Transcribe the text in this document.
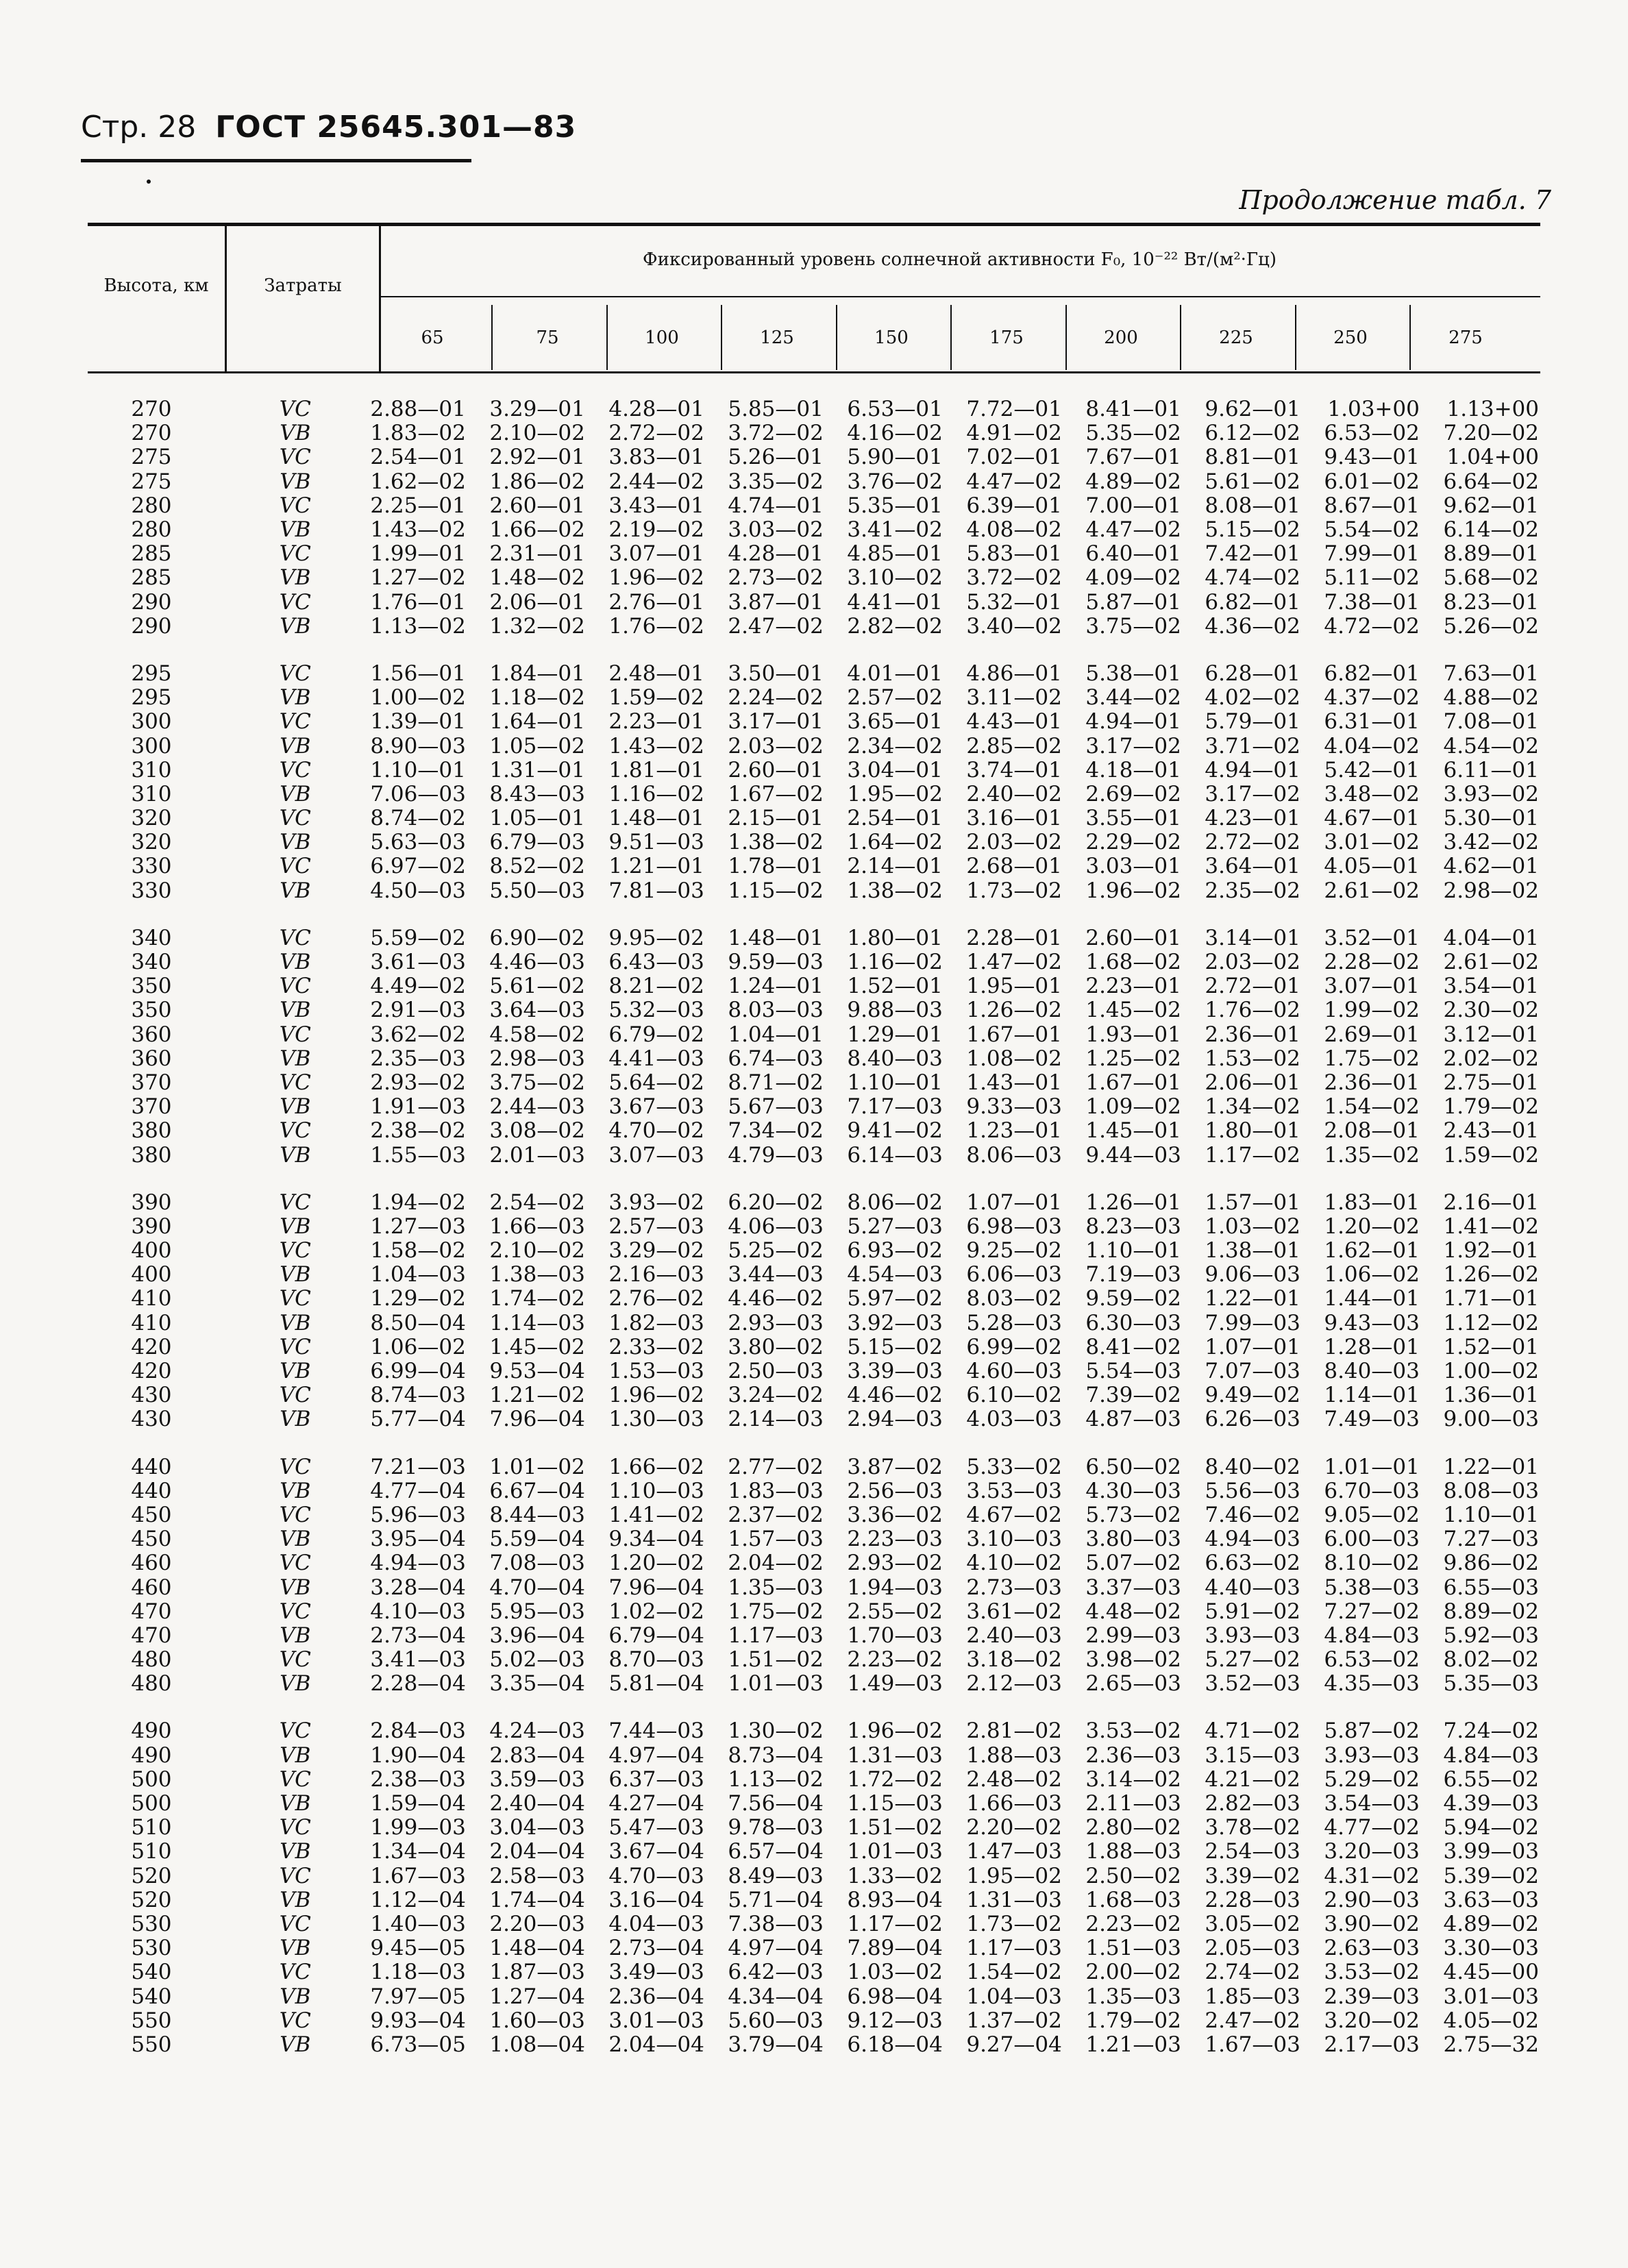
Стр. 28 ГОСТ 25645.301—83
Продолжение табл. 7
Высота, км	Затраты
Фиксированный уровень солнечной активности F₀, 10⁻²² Вт/(м²·Гц)
65	75	100	125	150	175	200	225	250	275
270	VC	2.88—01	3.29—01	4.28—01	5.85—01	6.53—01	7.72—01	8.41—01	9.62—01	1.03+00	1.13+00
270	VB	1.83—02	2.10—02	2.72—02	3.72—02	4.16—02	4.91—02	5.35—02	6.12—02	6.53—02	7.20—02
275	VC	2.54—01	2.92—01	3.83—01	5.26—01	5.90—01	7.02—01	7.67—01	8.81—01	9.43—01	1.04+00
275	VB	1.62—02	1.86—02	2.44—02	3.35—02	3.76—02	4.47—02	4.89—02	5.61—02	6.01—02	6.64—02
280	VC	2.25—01	2.60—01	3.43—01	4.74—01	5.35—01	6.39—01	7.00—01	8.08—01	8.67—01	9.62—01
280	VB	1.43—02	1.66—02	2.19—02	3.03—02	3.41—02	4.08—02	4.47—02	5.15—02	5.54—02	6.14—02
285	VC	1.99—01	2.31—01	3.07—01	4.28—01	4.85—01	5.83—01	6.40—01	7.42—01	7.99—01	8.89—01
285	VB	1.27—02	1.48—02	1.96—02	2.73—02	3.10—02	3.72—02	4.09—02	4.74—02	5.11—02	5.68—02
290	VC	1.76—01	2.06—01	2.76—01	3.87—01	4.41—01	5.32—01	5.87—01	6.82—01	7.38—01	8.23—01
290	VB	1.13—02	1.32—02	1.76—02	2.47—02	2.82—02	3.40—02	3.75—02	4.36—02	4.72—02	5.26—02

295	VC	1.56—01	1.84—01	2.48—01	3.50—01	4.01—01	4.86—01	5.38—01	6.28—01	6.82—01	7.63—01
295	VB	1.00—02	1.18—02	1.59—02	2.24—02	2.57—02	3.11—02	3.44—02	4.02—02	4.37—02	4.88—02
300	VC	1.39—01	1.64—01	2.23—01	3.17—01	3.65—01	4.43—01	4.94—01	5.79—01	6.31—01	7.08—01
300	VB	8.90—03	1.05—02	1.43—02	2.03—02	2.34—02	2.85—02	3.17—02	3.71—02	4.04—02	4.54—02
310	VC	1.10—01	1.31—01	1.81—01	2.60—01	3.04—01	3.74—01	4.18—01	4.94—01	5.42—01	6.11—01
310	VB	7.06—03	8.43—03	1.16—02	1.67—02	1.95—02	2.40—02	2.69—02	3.17—02	3.48—02	3.93—02
320	VC	8.74—02	1.05—01	1.48—01	2.15—01	2.54—01	3.16—01	3.55—01	4.23—01	4.67—01	5.30—01
320	VB	5.63—03	6.79—03	9.51—03	1.38—02	1.64—02	2.03—02	2.29—02	2.72—02	3.01—02	3.42—02
330	VC	6.97—02	8.52—02	1.21—01	1.78—01	2.14—01	2.68—01	3.03—01	3.64—01	4.05—01	4.62—01
330	VB	4.50—03	5.50—03	7.81—03	1.15—02	1.38—02	1.73—02	1.96—02	2.35—02	2.61—02	2.98—02

340	VC	5.59—02	6.90—02	9.95—02	1.48—01	1.80—01	2.28—01	2.60—01	3.14—01	3.52—01	4.04—01
340	VB	3.61—03	4.46—03	6.43—03	9.59—03	1.16—02	1.47—02	1.68—02	2.03—02	2.28—02	2.61—02
350	VC	4.49—02	5.61—02	8.21—02	1.24—01	1.52—01	1.95—01	2.23—01	2.72—01	3.07—01	3.54—01
350	VB	2.91—03	3.64—03	5.32—03	8.03—03	9.88—03	1.26—02	1.45—02	1.76—02	1.99—02	2.30—02
360	VC	3.62—02	4.58—02	6.79—02	1.04—01	1.29—01	1.67—01	1.93—01	2.36—01	2.69—01	3.12—01
360	VB	2.35—03	2.98—03	4.41—03	6.74—03	8.40—03	1.08—02	1.25—02	1.53—02	1.75—02	2.02—02
370	VC	2.93—02	3.75—02	5.64—02	8.71—02	1.10—01	1.43—01	1.67—01	2.06—01	2.36—01	2.75—01
370	VB	1.91—03	2.44—03	3.67—03	5.67—03	7.17—03	9.33—03	1.09—02	1.34—02	1.54—02	1.79—02
380	VC	2.38—02	3.08—02	4.70—02	7.34—02	9.41—02	1.23—01	1.45—01	1.80—01	2.08—01	2.43—01
380	VB	1.55—03	2.01—03	3.07—03	4.79—03	6.14—03	8.06—03	9.44—03	1.17—02	1.35—02	1.59—02

390	VC	1.94—02	2.54—02	3.93—02	6.20—02	8.06—02	1.07—01	1.26—01	1.57—01	1.83—01	2.16—01
390	VB	1.27—03	1.66—03	2.57—03	4.06—03	5.27—03	6.98—03	8.23—03	1.03—02	1.20—02	1.41—02
400	VC	1.58—02	2.10—02	3.29—02	5.25—02	6.93—02	9.25—02	1.10—01	1.38—01	1.62—01	1.92—01
400	VB	1.04—03	1.38—03	2.16—03	3.44—03	4.54—03	6.06—03	7.19—03	9.06—03	1.06—02	1.26—02
410	VC	1.29—02	1.74—02	2.76—02	4.46—02	5.97—02	8.03—02	9.59—02	1.22—01	1.44—01	1.71—01
410	VB	8.50—04	1.14—03	1.82—03	2.93—03	3.92—03	5.28—03	6.30—03	7.99—03	9.43—03	1.12—02
420	VC	1.06—02	1.45—02	2.33—02	3.80—02	5.15—02	6.99—02	8.41—02	1.07—01	1.28—01	1.52—01
420	VB	6.99—04	9.53—04	1.53—03	2.50—03	3.39—03	4.60—03	5.54—03	7.07—03	8.40—03	1.00—02
430	VC	8.74—03	1.21—02	1.96—02	3.24—02	4.46—02	6.10—02	7.39—02	9.49—02	1.14—01	1.36—01
430	VB	5.77—04	7.96—04	1.30—03	2.14—03	2.94—03	4.03—03	4.87—03	6.26—03	7.49—03	9.00—03

440	VC	7.21—03	1.01—02	1.66—02	2.77—02	3.87—02	5.33—02	6.50—02	8.40—02	1.01—01	1.22—01
440	VB	4.77—04	6.67—04	1.10—03	1.83—03	2.56—03	3.53—03	4.30—03	5.56—03	6.70—03	8.08—03
450	VC	5.96—03	8.44—03	1.41—02	2.37—02	3.36—02	4.67—02	5.73—02	7.46—02	9.05—02	1.10—01
450	VB	3.95—04	5.59—04	9.34—04	1.57—03	2.23—03	3.10—03	3.80—03	4.94—03	6.00—03	7.27—03
460	VC	4.94—03	7.08—03	1.20—02	2.04—02	2.93—02	4.10—02	5.07—02	6.63—02	8.10—02	9.86—02
460	VB	3.28—04	4.70—04	7.96—04	1.35—03	1.94—03	2.73—03	3.37—03	4.40—03	5.38—03	6.55—03
470	VC	4.10—03	5.95—03	1.02—02	1.75—02	2.55—02	3.61—02	4.48—02	5.91—02	7.27—02	8.89—02
470	VB	2.73—04	3.96—04	6.79—04	1.17—03	1.70—03	2.40—03	2.99—03	3.93—03	4.84—03	5.92—03
480	VC	3.41—03	5.02—03	8.70—03	1.51—02	2.23—02	3.18—02	3.98—02	5.27—02	6.53—02	8.02—02
480	VB	2.28—04	3.35—04	5.81—04	1.01—03	1.49—03	2.12—03	2.65—03	3.52—03	4.35—03	5.35—03

490	VC	2.84—03	4.24—03	7.44—03	1.30—02	1.96—02	2.81—02	3.53—02	4.71—02	5.87—02	7.24—02
490	VB	1.90—04	2.83—04	4.97—04	8.73—04	1.31—03	1.88—03	2.36—03	3.15—03	3.93—03	4.84—03
500	VC	2.38—03	3.59—03	6.37—03	1.13—02	1.72—02	2.48—02	3.14—02	4.21—02	5.29—02	6.55—02
500	VB	1.59—04	2.40—04	4.27—04	7.56—04	1.15—03	1.66—03	2.11—03	2.82—03	3.54—03	4.39—03
510	VC	1.99—03	3.04—03	5.47—03	9.78—03	1.51—02	2.20—02	2.80—02	3.78—02	4.77—02	5.94—02
510	VB	1.34—04	2.04—04	3.67—04	6.57—04	1.01—03	1.47—03	1.88—03	2.54—03	3.20—03	3.99—03
520	VC	1.67—03	2.58—03	4.70—03	8.49—03	1.33—02	1.95—02	2.50—02	3.39—02	4.31—02	5.39—02
520	VB	1.12—04	1.74—04	3.16—04	5.71—04	8.93—04	1.31—03	1.68—03	2.28—03	2.90—03	3.63—03
530	VC	1.40—03	2.20—03	4.04—03	7.38—03	1.17—02	1.73—02	2.23—02	3.05—02	3.90—02	4.89—02
530	VB	9.45—05	1.48—04	2.73—04	4.97—04	7.89—04	1.17—03	1.51—03	2.05—03	2.63—03	3.30—03
540	VC	1.18—03	1.87—03	3.49—03	6.42—03	1.03—02	1.54—02	2.00—02	2.74—02	3.53—02	4.45—00
540	VB	7.97—05	1.27—04	2.36—04	4.34—04	6.98—04	1.04—03	1.35—03	1.85—03	2.39—03	3.01—03
550	VC	9.93—04	1.60—03	3.01—03	5.60—03	9.12—03	1.37—02	1.79—02	2.47—02	3.20—02	4.05—02
550	VB	6.73—05	1.08—04	2.04—04	3.79—04	6.18—04	9.27—04	1.21—03	1.67—03	2.17—03	2.75—32
